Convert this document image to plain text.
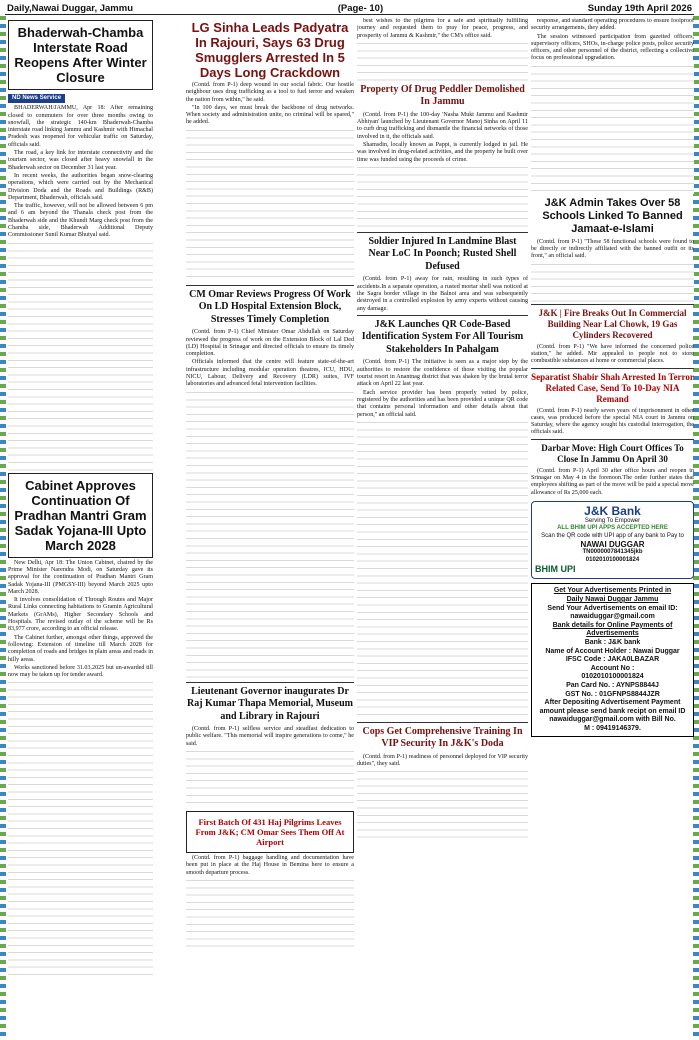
Daily,Nawai Duggar, Jammu	(Page- 10)	Sunday 19th April 2026
Bhaderwah-Chamba Interstate Road Reopens After Winter Closure
ND News Service

BHADERWAH/JAMMU, Apr 18: After remaining closed to commuters for over three months owing to snowfall, the strategic 140-km Bhaderwah-Chamba interstate road linking Jammu and Kashmir with Himachal Pradesh was reopened for vehicular traffic on Saturday, officials said.

The road, a key link for interstate connectivity and the tourism sector, was closed after heavy snowfall in the Bhaderwah sector on December 31 last year.

In recent weeks, the authorities began snow-clearing operations, which were carried out by the Mechanical Division Doda and the Roads and Buildings (R&B) Department, Bhaderwah, officials said.

The traffic, however, will not be allowed between 6 pm and 6 am beyond the Thanala check post from the Bhaderwah side and the Khundi Marg check post from the Chamba side, Bhaderwah Additional Deputy Commissioner Sunil Kumar Bhutyal said.

Cabinet Approves Continuation Of Pradhan Mantri Gram Sadak Yojana-III Upto March 2028

New Delhi, Apr 18: The Union Cabinet, chaired by the Prime Minister Narendra Modi, on Saturday gave its approval for the continuation of Pradhan Mantri Gram Sadak Yojana-III (PMGSY-III) beyond March 2025 upto March 2028.

It involves consolidation of Through Routes and Major Rural Links connecting habitations to Gramin Agricultural Markets (GrAMs), Higher Secondary Schools and Hospitals. The revised outlay of the scheme will be Rs 83,977 crore, according to an official release.

The Cabinet further, amongst other things, approved the following: Extension of timeline till March 2028 for completion of roads and bridges in plain areas and roads in hilly areas.

Works sanctioned before 31.03.2025 but un-awarded till now may be taken up for tender award.

LG Sinha Leads Padyatra In Rajouri, Says 63 Drug Smugglers Arrested In 5 Days Long Crackdown

(Contd. from P-1) deep wound in our social fabric. Our hostile neighbour uses drug trafficking as a tool to fuel terror and weaken the nation from within," he said.

"In 100 days, we must break the backbone of drug networks. When society and administration unite, no criminal will be spared," he added.

CM Omar Reviews Progress Of Work On LD Hospital Extension Block, Stresses Timely Completion

(Contd. from P-1) Chief Minister Omar Abdullah on Saturday reviewed the progress of work on the Extension Block of Lal Ded (LD) Hospital in Srinagar and directed officials to ensure its timely completion.

Officials informed that the centre will feature state-of-the-art infrastructure including modular operation theatres, ICU, HDU, NICU, Labour, Delivery and Recovery (LDR) suites, IVF laboratories and advanced fetal intervention facilities.

Lieutenant Governor inaugurates Dr Raj Kumar Thapa Memorial, Museum and Library in Rajouri

(Contd. from P-1) selfless service and steadfast dedication to public welfare. "This memorial will inspire generations to come," he said.

First Batch Of 431 Haj Pilgrims Leaves From J&K; CM Omar Sees Them Off At Airport

(Contd. from P-1) baggage handling and documentation have been put in place at the Haj House in Bemina here to ensure a smooth departure process.

best wishes to the pilgrims for a safe and spiritually fulfilling journey and requested them to pray for peace, progress, and prosperity of Jammu & Kashmir," the CM's office said.

Property Of Drug Peddler Demolished In Jammu

(Contd. from P-1) the 100-day 'Nasha Mukt Jammu and Kashmir Abhiyan' launched by Lieutenant Governor Manoj Sinha on April 11 to curb drug trafficking and dismantle the financial networks of those involved in it, the officials said.

Shamsdin, locally known as Pappi, is currently lodged in jail. He was involved in drug-related activities, and the property he built over time was funded using the proceeds of crime.

Soldier Injured In Landmine Blast Near LoC In Poonch; Rusted Shell Defused

(Contd. from P-1) away for rain, resulting in such types of accidents.In a separate operation, a rusted mortar shell was noticed at the Sagra border village in the Balnoi area and was subsequently destroyed in a controlled explosion by army experts without causing any damage.

J&K Launches QR Code-Based Identification System For All Tourism Stakeholders In Pahalgam

(Contd. from P-1) The initiative is seen as a major step by the authorities to restore the confidence of those visiting the popular tourist resort in Anantnag district that was shaken by the brutal terror attack on April 22 last year.

Each service provider has been properly vetted by police, registered by the authorities and has been provided a unique QR code that contains personal information and other details about that person," an official said.

Cops Get Comprehensive Training In VIP Security In J&K's Doda

(Contd. from P-1) readiness of personnel deployed for VIP security duties", they said.

response, and standard operating procedures to ensure foolproof security arrangements, they added.

The session witnessed participation from gazetted officers, supervisory officers, SHOs, in-charge police posts, police security officers, and other personnel of the district, reflecting a collective focus on professional upgradation.

J&K Admin Takes Over 58 Schools Linked To Banned Jamaat-e-Islami

(Contd. from P-1) "These 58 functional schools were found to be directly or indirectly affiliated with the banned outfit or its front," an official said.

J&K | Fire Breaks Out In Commercial Building Near Lal Chowk, 19 Gas Cylinders Recovered

(Contd. from P-1) "We have informed the concerned police station," he added. Mir appealed to people not to store combustible substances at home or commercial places.

Separatist Shabir Shah Arrested In Terror Related Case, Send To 10-Day NIA Remand

(Contd. from P-1) nearly seven years of imprisonment in other cases, was produced before the special NIA court in Jammu on Saturday, where the agency sought his custodial interrogation, the officials said.

Darbar Move: High Court Offices To Close In Jammu On April 30

(Contd. from P-1) April 30 after office hours and reopen in Srinagar on May 4 in the forenoon.The order further states that employees shifting as part of the move will be paid a special move allowance of Rs 25,000 each.

J&K Bank
Serving To Empower
ALL BHIM UPI APPS ACCEPTED HERE
Scan the QR code with UPI app of any bank to Pay to
NAWAI DUGGAR
TN0000007841345jkb
0102010100001824
BHIM UPI
Get Your Advertisements Printed in
Daily Nawai Duggar Jammu
Send Your Advertisements on email ID:
nawaiduggar@gmail.com
Bank details for Online Payments of Advertisements
Bank : J&K bank
Name of Account Holder : Nawai Duggar
IFSC Code : JAKA0LBAZAR
Account No :
0102010100001824
Pan Card No. : AYNPS8844J
GST No. : 01GFNPS8844JZR
After Depositing Advertisement Payment amount please send bank recipt on email ID
nawaiduggar@gmail.com with Bill No.
M : 09419146379.
